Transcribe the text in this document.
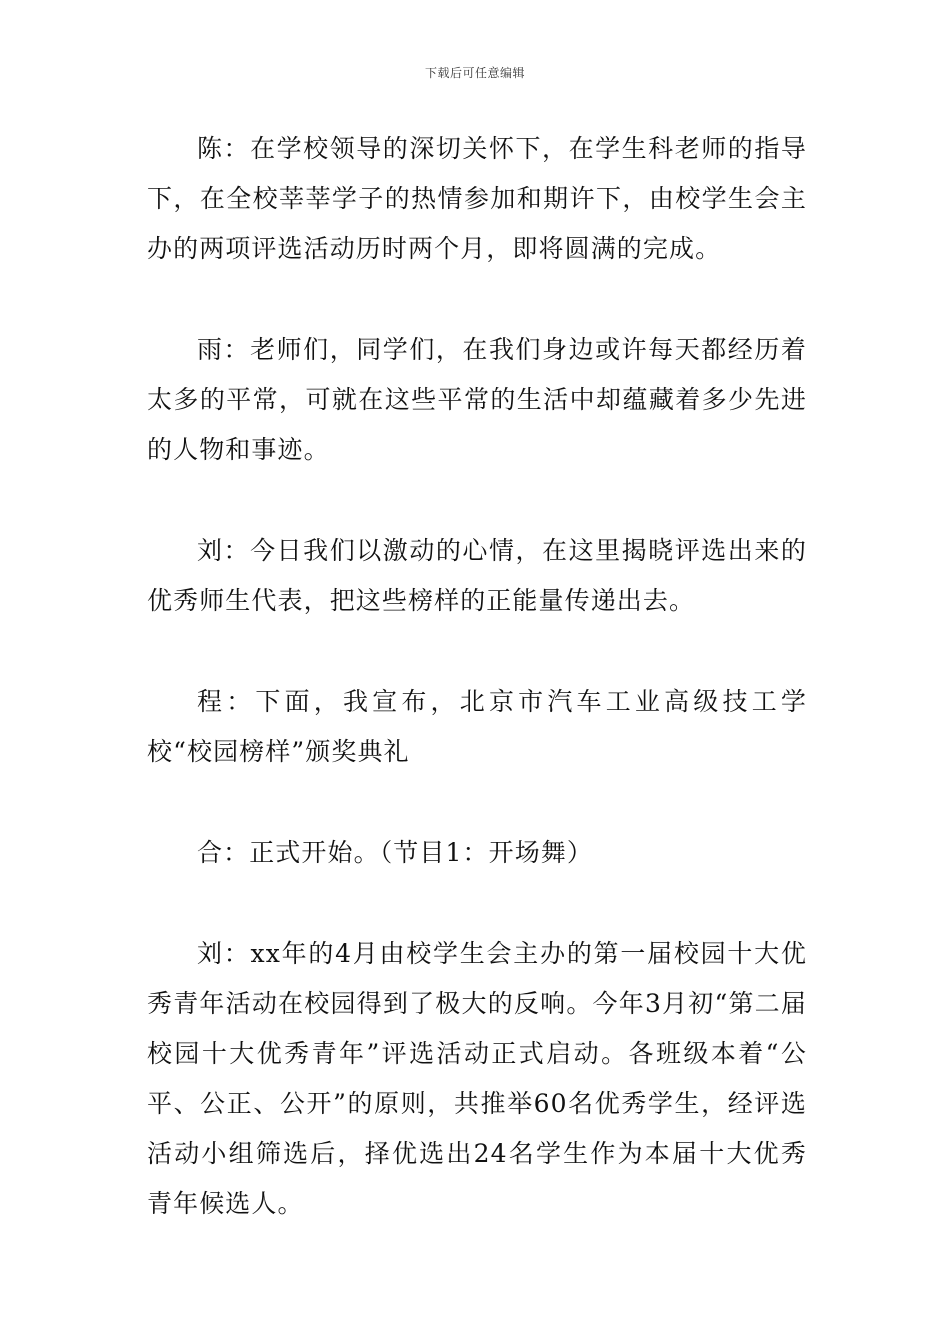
下载后可任意编辑

陈：在学校领导的深切关怀下，在学生科老师的指导下，在全校莘莘学子的热情参加和期许下，由校学生会主办的两项评选活动历时两个月，即将圆满的完成。

雨：老师们，同学们，在我们身边或许每天都经历着太多的平常，可就在这些平常的生活中却蕴藏着多少先进的人物和事迹。

刘：今日我们以激动的心情，在这里揭晓评选出来的优秀师生代表，把这些榜样的正能量传递出去。

程：下面，我宣布，北京市汽车工业高级技工学校“校园榜样”颁奖典礼

合：正式开始。（节目1：开场舞）

刘：xx年的4月由校学生会主办的第一届校园十大优秀青年活动在校园得到了极大的反响。今年3月初“第二届校园十大优秀青年”评选活动正式启动。各班级本着“公平、公正、公开”的原则，共推举60名优秀学生，经评选活动小组筛选后，择优选出24名学生作为本届十大优秀青年候选人。
